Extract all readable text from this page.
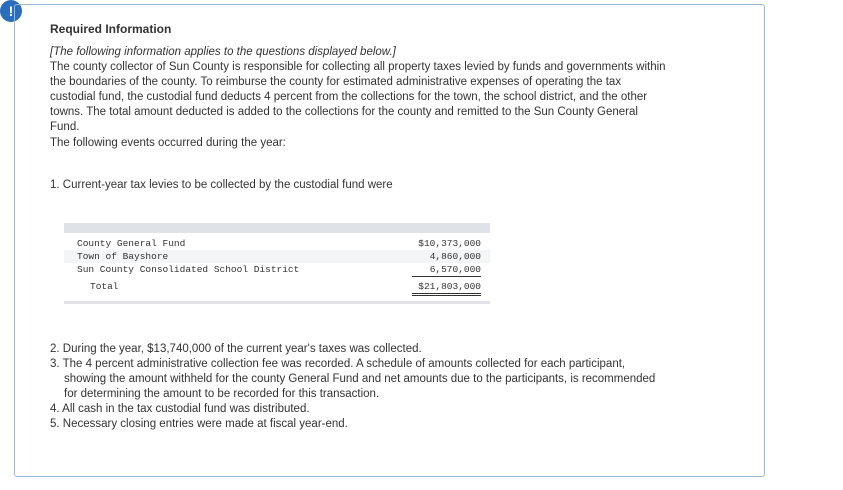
!
Required Information
[The following information applies to the questions displayed below.]
The county collector of Sun County is responsible for collecting all property taxes levied by funds and governments within
the boundaries of the county. To reimburse the county for estimated administrative expenses of operating the tax
custodial fund, the custodial fund deducts 4 percent from the collections for the town, the school district, and the other
towns. The total amount deducted is added to the collections for the county and remitted to the Sun County General
Fund.
The following events occurred during the year:
1. Current-year tax levies to be collected by the custodial fund were
2. During the year, $13,740,000 of the current year's taxes was collected.
3. The 4 percent administrative collection fee was recorded. A schedule of amounts collected for each participant,
showing the amount withheld for the county General Fund and net amounts due to the participants, is recommended
for determining the amount to be recorded for this transaction.
4. All cash in the tax custodial fund was distributed.
5. Necessary closing entries were made at fiscal year-end.
County General Fund	$10,373,000
Town of Bayshore	4,860,000
Sun County Consolidated School District	6,570,000
Total	$21,803,000
